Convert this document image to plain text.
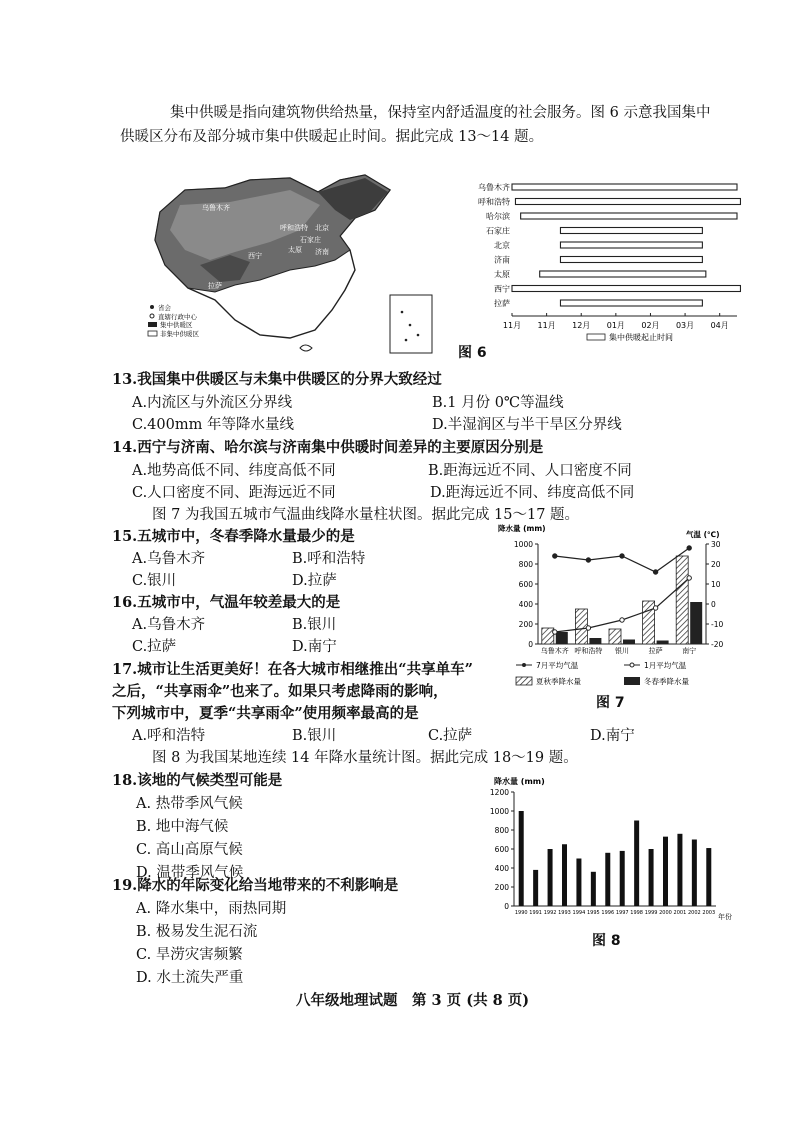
集中供暖是指向建筑物供给热量，保持室内舒适温度的社会服务。图 6 示意我国集中
供暖区分布及部分城市集中供暖起止时间。据此完成 13～14 题。
乌鲁木齐
呼和浩特
石家庄
北京
太原 济南
西宁
拉萨
省会
直辖行政中心
集中供暖区
非集中供暖区
乌鲁木齐
呼和浩特
哈尔滨
石家庄
北京
济南
太原
西宁
拉萨
11月 11月 12月 01月 02月 03月 04月
集中供暖起止时间
图 6
13.我国集中供暖区与未集中供暖区的分界大致经过
A.内流区与外流区分界线	B.1 月份 0℃等温线
C.400mm 年等降水量线	D.半湿润区与半干旱区分界线
14.西宁与济南、哈尔滨与济南集中供暖时间差异的主要原因分别是
A.地势高低不同、纬度高低不同	B.距海远近不同、人口密度不同
C.人口密度不同、距海远近不同	D.距海远近不同、纬度高低不同
图 7 为我国五城市气温曲线降水量柱状图。据此完成 15～17 题。
15.五城市中，冬春季降水量最少的是
A.乌鲁木齐	B.呼和浩特
C.银川	D.拉萨
16.五城市中，气温年较差最大的是
A.乌鲁木齐	B.银川
C.拉萨	D.南宁
17.城市让生活更美好！在各大城市相继推出“共享单车”
之后，“共享雨伞”也来了。如果只考虑降雨的影响，
下列城市中，夏季“共享雨伞”使用频率最高的是
A.呼和浩特	B.银川	C.拉萨	D.南宁
降水量 (mm)
气温 (℃)
0
200
400
600
800
1000
-20
-10
0
10
20
30
乌鲁木齐 呼和浩特 银川	拉萨	南宁
7月平均气温	1月平均气温
夏秋季降水量	冬春季降水量
图 7
图 8 为我国某地连续 14 年降水量统计图。据此完成 18～19 题。
18.该地的气候类型可能是
A. 热带季风气候
B. 地中海气候
C. 高山高原气候
D. 温带季风气候
19.降水的年际变化给当地带来的不利影响是
A. 降水集中，雨热同期
B. 极易发生泥石流
C. 旱涝灾害频繁
D. 水土流失严重
降水量 (mm)
0
200
400
600
800
1000
1200
1990 1991 1992 1993 1994 1995 1996 1997 1998 1999 2000 2001 2002 2003 年份
图 8
八年级地理试题　第 3 页 (共 8 页)
